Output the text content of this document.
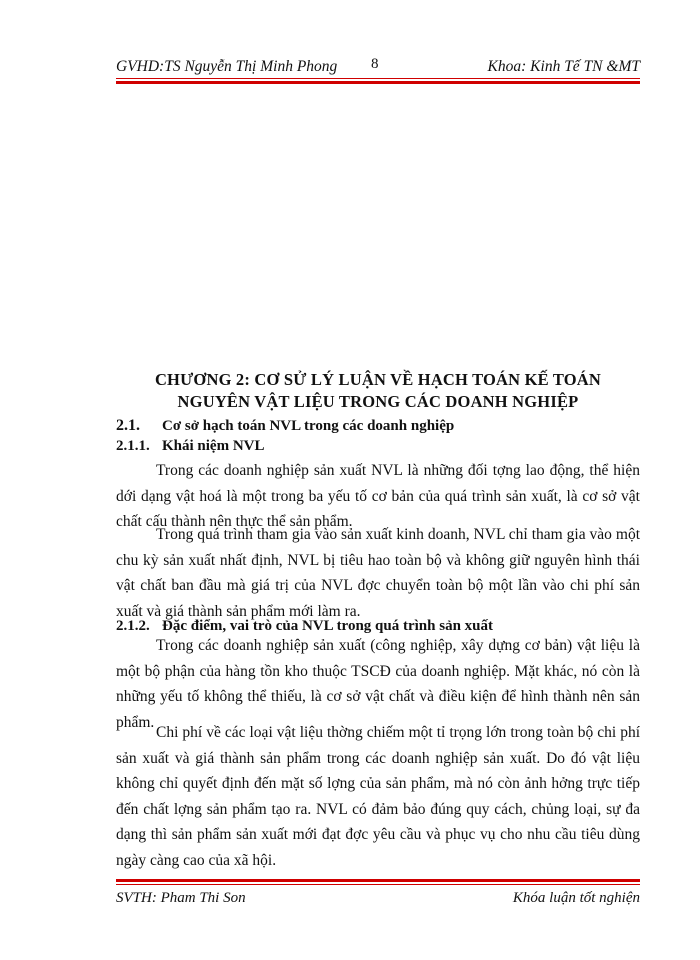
GVHD:TS Nguyễn Thị Minh Phong 8	Khoa: Kinh Tế TN &MT
CHƯƠNG 2: CƠ SỬ LÝ LUẬN VỀ HẠCH TOÁN KẾ TOÁN
NGUYÊN VẬT LIỆU TRONG CÁC DOANH NGHIỆP
2.1. Cơ sở hạch toán NVL trong các doanh nghiệp
2.1.1. Khái niệm NVL
Trong các doanh nghiệp sản xuất NVL là những đối tợng lao động, thể hiện dới dạng vật hoá là một trong ba yếu tố cơ bản của quá trình sản xuất, là cơ sở vật chất cấu thành nên thực thể sản phẩm.
Trong quá trình tham gia vào sản xuất kinh doanh, NVL chỉ tham gia vào một chu kỳ sản xuất nhất định, NVL bị tiêu hao toàn bộ và không giữ nguyên hình thái vật chất ban đầu mà giá trị của NVL đợc chuyển toàn bộ một lần vào chi phí sản xuất và giá thành sản phẩm mới làm ra.
2.1.2. Đặc điểm, vai trò của NVL trong quá trình sản xuất
Trong các doanh nghiệp sản xuất (công nghiệp, xây dựng cơ bản) vật liệu là một bộ phận của hàng tồn kho thuộc TSCĐ của doanh nghiệp. Mặt khác, nó còn là những yếu tố không thể thiếu, là cơ sở vật chất và điều kiện để hình thành nên sản phẩm.
Chi phí về các loại vật liệu thờng chiếm một tỉ trọng lớn trong toàn bộ chi phí sản xuất và giá thành sản phẩm trong các doanh nghiệp sản xuất. Do đó vật liệu không chỉ quyết định đến mặt số lợng của sản phẩm, mà nó còn ảnh hởng trực tiếp đến chất lợng sản phẩm tạo ra. NVL có đảm bảo đúng quy cách, chủng loại, sự đa dạng thì sản phẩm sản xuất mới đạt đợc yêu cầu và phục vụ cho nhu cầu tiêu dùng ngày càng cao của xã hội.
SVTH: Pham Thi Son	Khóa luận tốt nghiện
